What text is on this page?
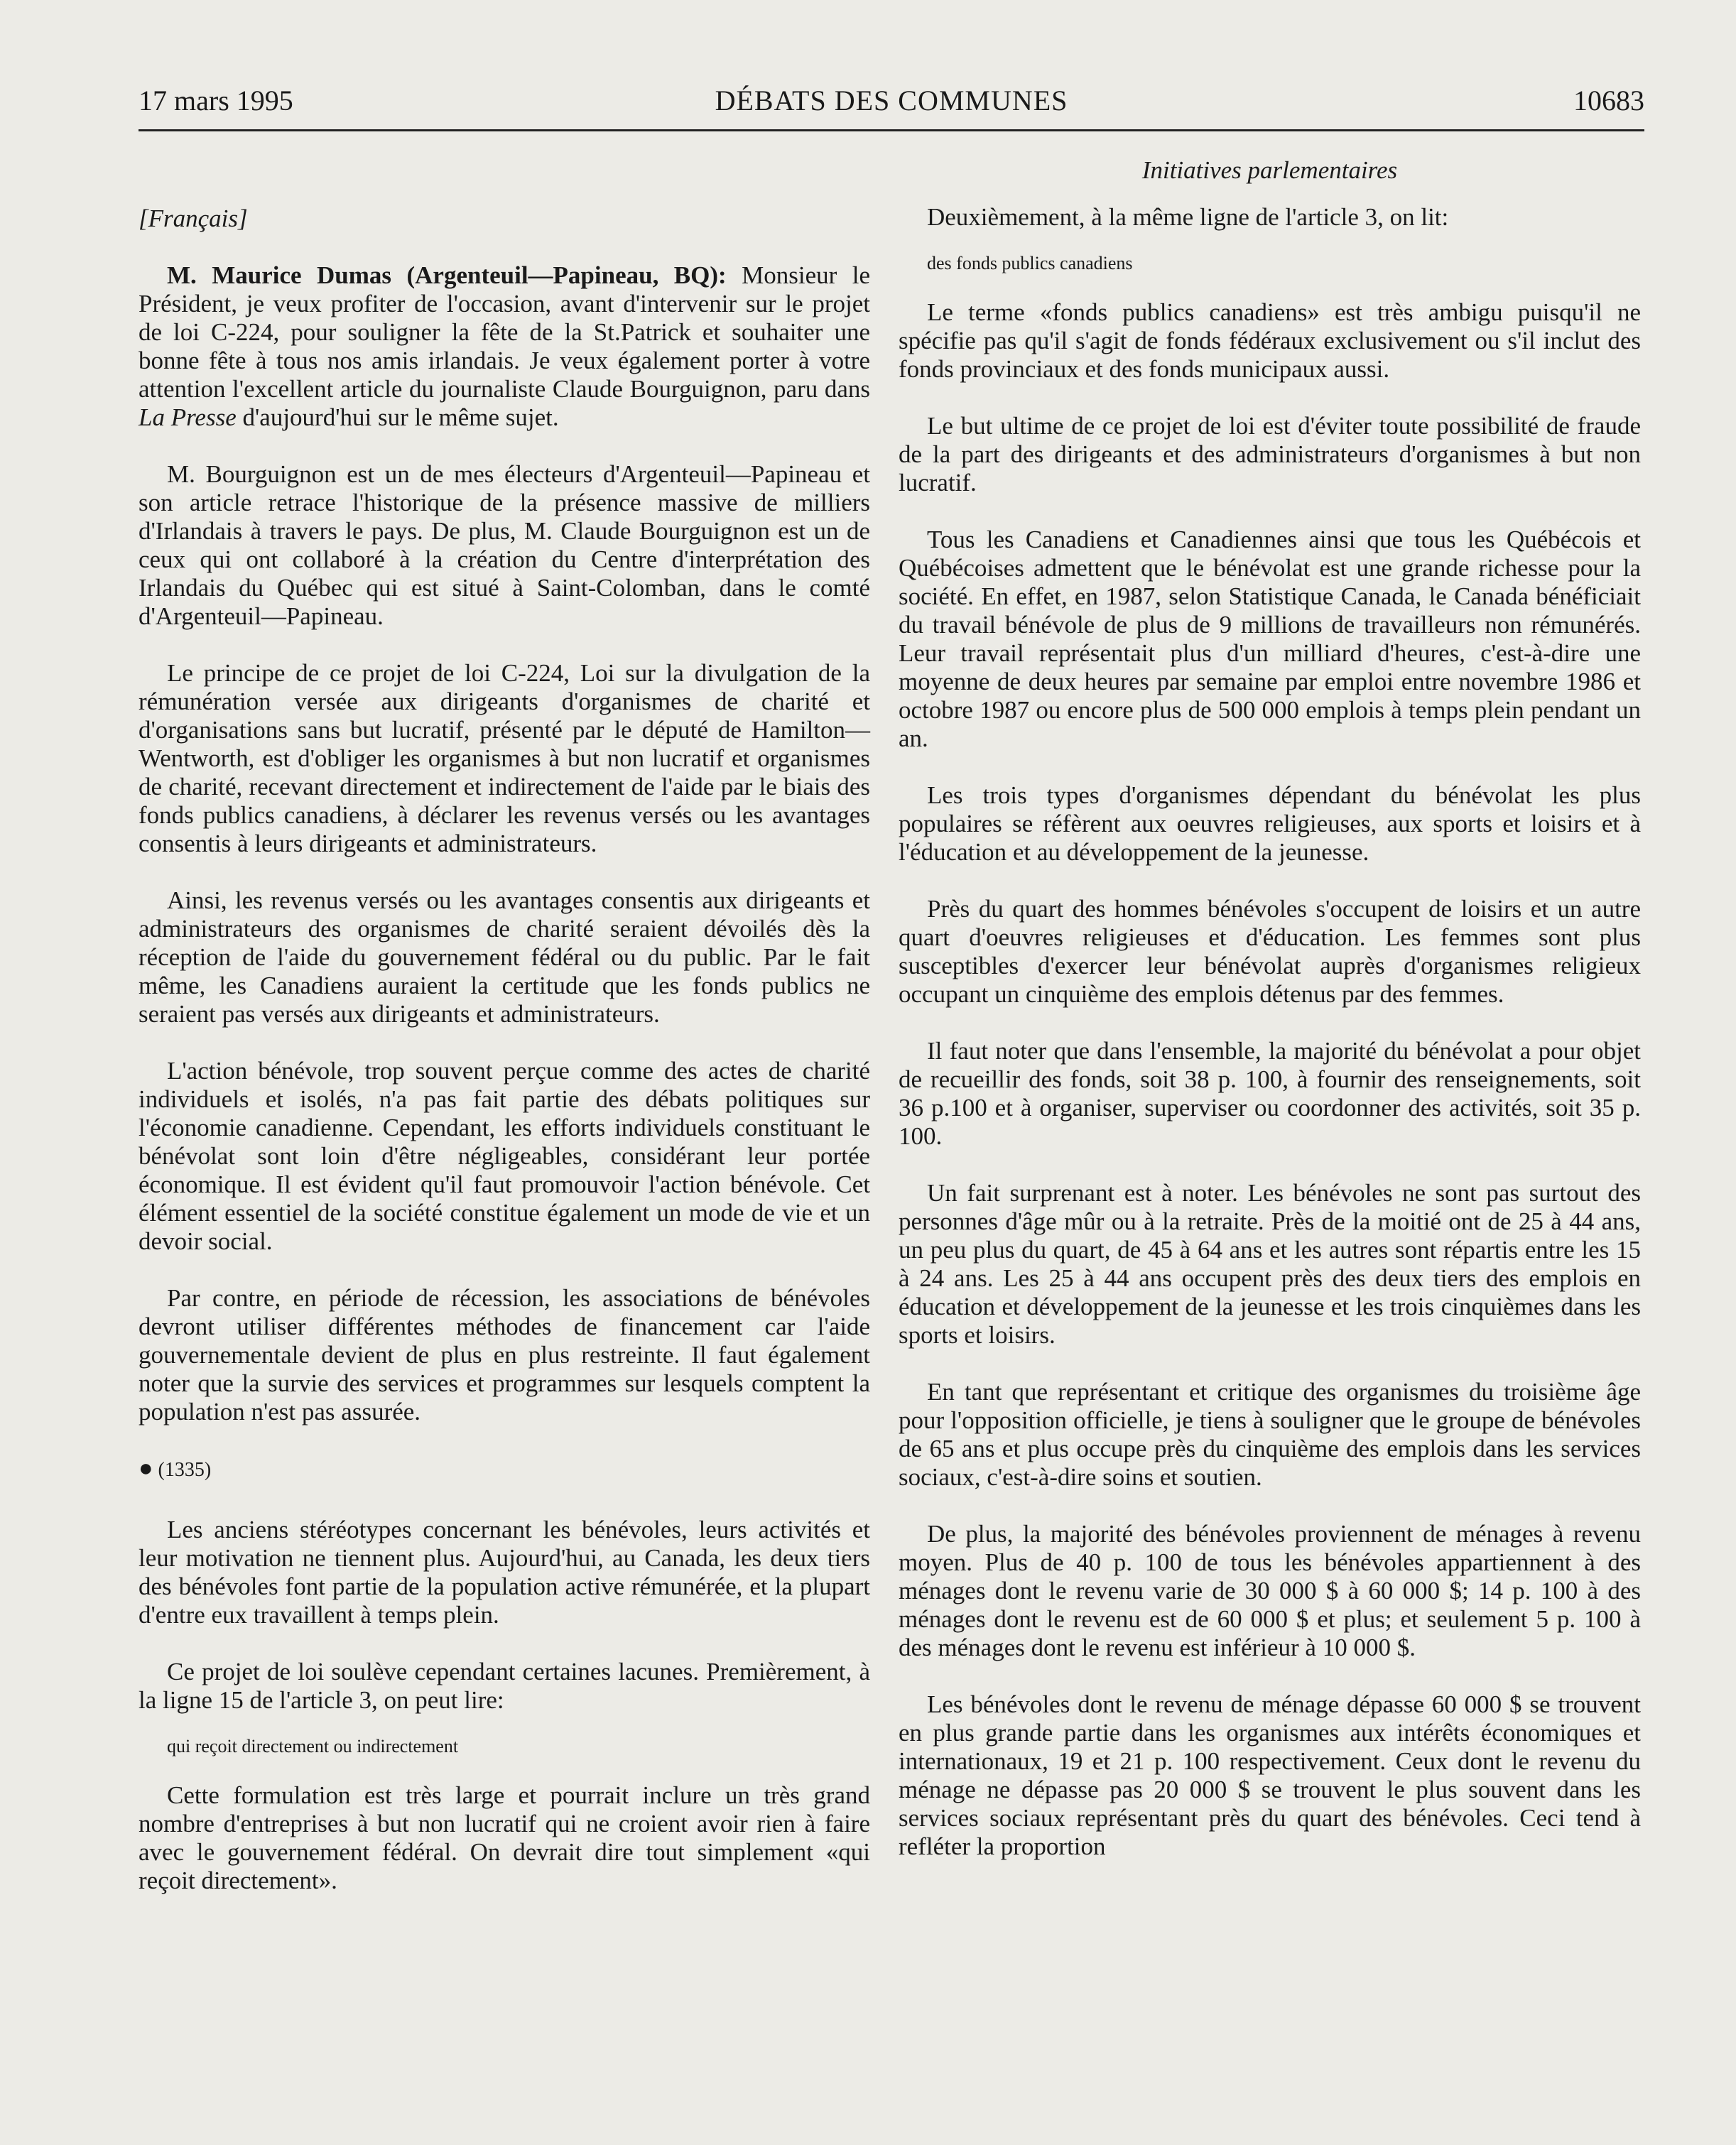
17 mars 1995	DÉBATS DES COMMUNES	10683

[Français]

M. Maurice Dumas (Argenteuil—Papineau, BQ): Monsieur le Président, je veux profiter de l'occasion, avant d'intervenir sur le projet de loi C-224, pour souligner la fête de la St.Patrick et souhaiter une bonne fête à tous nos amis irlandais. Je veux également porter à votre attention l'excellent article du journaliste Claude Bourguignon, paru dans La Presse d'aujourd'hui sur le même sujet.

M. Bourguignon est un de mes électeurs d'Argenteuil—Papineau et son article retrace l'historique de la présence massive de milliers d'Irlandais à travers le pays. De plus, M. Claude Bourguignon est un de ceux qui ont collaboré à la création du Centre d'interprétation des Irlandais du Québec qui est situé à Saint-Colomban, dans le comté d'Argenteuil—Papineau.

Le principe de ce projet de loi C-224, Loi sur la divulgation de la rémunération versée aux dirigeants d'organismes de charité et d'organisations sans but lucratif, présenté par le député de Hamilton—Wentworth, est d'obliger les organismes à but non lucratif et organismes de charité, recevant directement et indirectement de l'aide par le biais des fonds publics canadiens, à déclarer les revenus versés ou les avantages consentis à leurs dirigeants et administrateurs.

Ainsi, les revenus versés ou les avantages consentis aux dirigeants et administrateurs des organismes de charité seraient dévoilés dès la réception de l'aide du gouvernement fédéral ou du public. Par le fait même, les Canadiens auraient la certitude que les fonds publics ne seraient pas versés aux dirigeants et administrateurs.

L'action bénévole, trop souvent perçue comme des actes de charité individuels et isolés, n'a pas fait partie des débats politiques sur l'économie canadienne. Cependant, les efforts individuels constituant le bénévolat sont loin d'être négligeables, considérant leur portée économique. Il est évident qu'il faut promouvoir l'action bénévole. Cet élément essentiel de la société constitue également un mode de vie et un devoir social.

Par contre, en période de récession, les associations de bénévoles devront utiliser différentes méthodes de financement car l'aide gouvernementale devient de plus en plus restreinte. Il faut également noter que la survie des services et programmes sur lesquels comptent la population n'est pas assurée.

● (1335)

Les anciens stéréotypes concernant les bénévoles, leurs activités et leur motivation ne tiennent plus. Aujourd'hui, au Canada, les deux tiers des bénévoles font partie de la population active rémunérée, et la plupart d'entre eux travaillent à temps plein.

Ce projet de loi soulève cependant certaines lacunes. Premièrement, à la ligne 15 de l'article 3, on peut lire:

qui reçoit directement ou indirectement

Cette formulation est très large et pourrait inclure un très grand nombre d'entreprises à but non lucratif qui ne croient avoir rien à faire avec le gouvernement fédéral. On devrait dire tout simplement «qui reçoit directement».

Initiatives parlementaires

Deuxièmement, à la même ligne de l'article 3, on lit:

des fonds publics canadiens

Le terme «fonds publics canadiens» est très ambigu puisqu'il ne spécifie pas qu'il s'agit de fonds fédéraux exclusivement ou s'il inclut des fonds provinciaux et des fonds municipaux aussi.

Le but ultime de ce projet de loi est d'éviter toute possibilité de fraude de la part des dirigeants et des administrateurs d'organismes à but non lucratif.

Tous les Canadiens et Canadiennes ainsi que tous les Québécois et Québécoises admettent que le bénévolat est une grande richesse pour la société. En effet, en 1987, selon Statistique Canada, le Canada bénéficiait du travail bénévole de plus de 9 millions de travailleurs non rémunérés. Leur travail représentait plus d'un milliard d'heures, c'est-à-dire une moyenne de deux heures par semaine par emploi entre novembre 1986 et octobre 1987 ou encore plus de 500 000 emplois à temps plein pendant un an.

Les trois types d'organismes dépendant du bénévolat les plus populaires se réfèrent aux oeuvres religieuses, aux sports et loisirs et à l'éducation et au développement de la jeunesse.

Près du quart des hommes bénévoles s'occupent de loisirs et un autre quart d'oeuvres religieuses et d'éducation. Les femmes sont plus susceptibles d'exercer leur bénévolat auprès d'organismes religieux occupant un cinquième des emplois détenus par des femmes.

Il faut noter que dans l'ensemble, la majorité du bénévolat a pour objet de recueillir des fonds, soit 38 p. 100, à fournir des renseignements, soit 36 p.100 et à organiser, superviser ou coordonner des activités, soit 35 p. 100.

Un fait surprenant est à noter. Les bénévoles ne sont pas surtout des personnes d'âge mûr ou à la retraite. Près de la moitié ont de 25 à 44 ans, un peu plus du quart, de 45 à 64 ans et les autres sont répartis entre les 15 à 24 ans. Les 25 à 44 ans occupent près des deux tiers des emplois en éducation et développement de la jeunesse et les trois cinquièmes dans les sports et loisirs.

En tant que représentant et critique des organismes du troisième âge pour l'opposition officielle, je tiens à souligner que le groupe de bénévoles de 65 ans et plus occupe près du cinquième des emplois dans les services sociaux, c'est-à-dire soins et soutien.

De plus, la majorité des bénévoles proviennent de ménages à revenu moyen. Plus de 40 p. 100 de tous les bénévoles appartiennent à des ménages dont le revenu varie de 30 000 $ à 60 000 $; 14 p. 100 à des ménages dont le revenu est de 60 000 $ et plus; et seulement 5 p. 100 à des ménages dont le revenu est inférieur à 10 000 $.

Les bénévoles dont le revenu de ménage dépasse 60 000 $ se trouvent en plus grande partie dans les organismes aux intérêts économiques et internationaux, 19 et 21 p. 100 respectivement. Ceux dont le revenu du ménage ne dépasse pas 20 000 $ se trouvent le plus souvent dans les services sociaux représentant près du quart des bénévoles. Ceci tend à refléter la proportion
